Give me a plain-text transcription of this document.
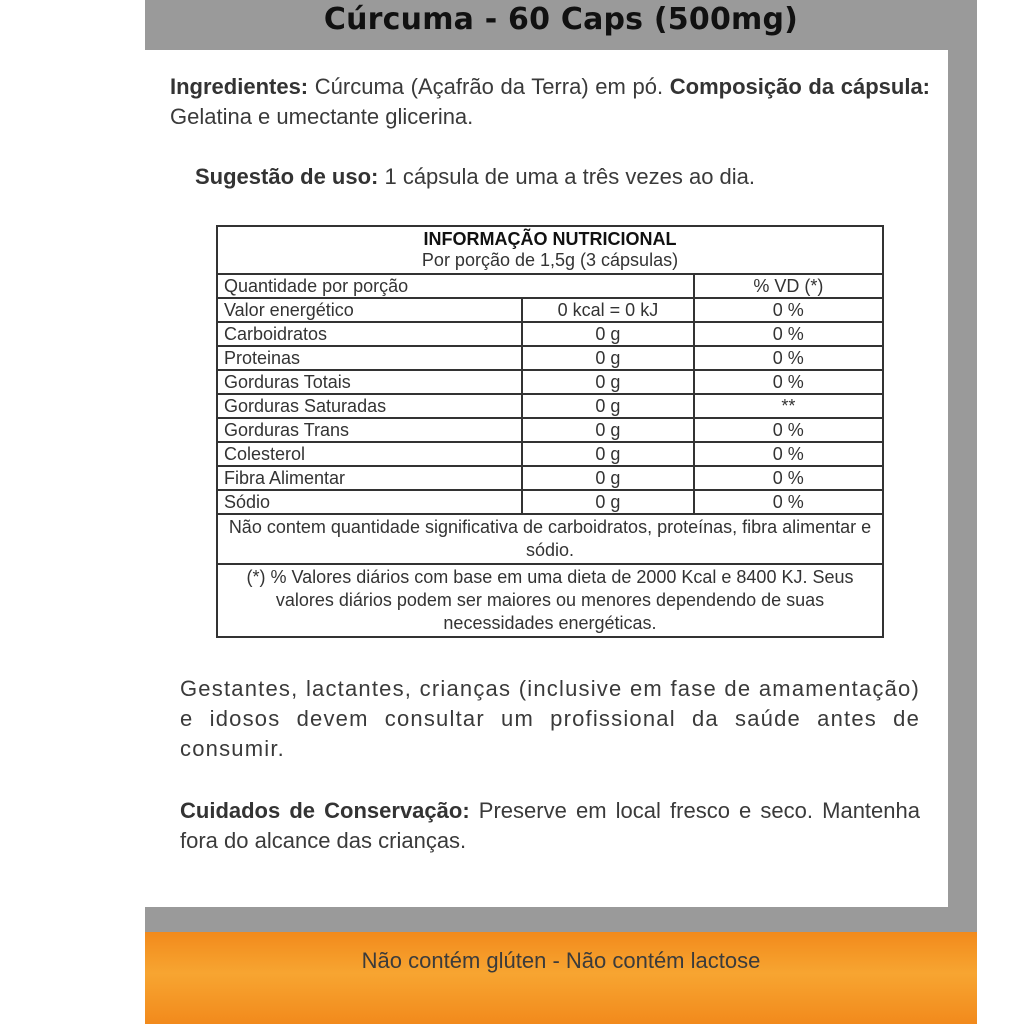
Cúrcuma - 60 Caps (500mg)
Ingredientes: Cúrcuma (Açafrão da Terra) em pó. Composição da cápsula: Gelatina e umectante glicerina.
Sugestão de uso: 1 cápsula de uma a três vezes ao dia.
INFORMAÇÃO NUTRICIONAL
Por porção de 1,5g (3 cápsulas)		
Quantidade por porção		% VD (*)
Valor energético	0 kcal = 0 kJ	0 %
Carboidratos	0 g	0 %
Proteinas	0 g	0 %
Gorduras Totais	0 g	0 %
Gorduras Saturadas	0 g	**
Gorduras Trans	0 g	0 %
Colesterol	0 g	0 %
Fibra Alimentar	0 g	0 %
Sódio	0 g	0 %
Não contem quantidade significativa de carboidratos, proteínas, fibra alimentar e sódio.		
(*) % Valores diários com base em uma dieta de 2000 Kcal e 8400 KJ. Seus valores diários podem ser maiores ou menores dependendo de suas necessidades energéticas.		
Gestantes, lactantes, crianças (inclusive em fase de amamentação) e idosos devem consultar um profissional da saúde antes de consumir.
Cuidados de Conservação: Preserve em local fresco e seco. Mantenha fora do alcance das crianças.
Não contém glúten - Não contém lactose
